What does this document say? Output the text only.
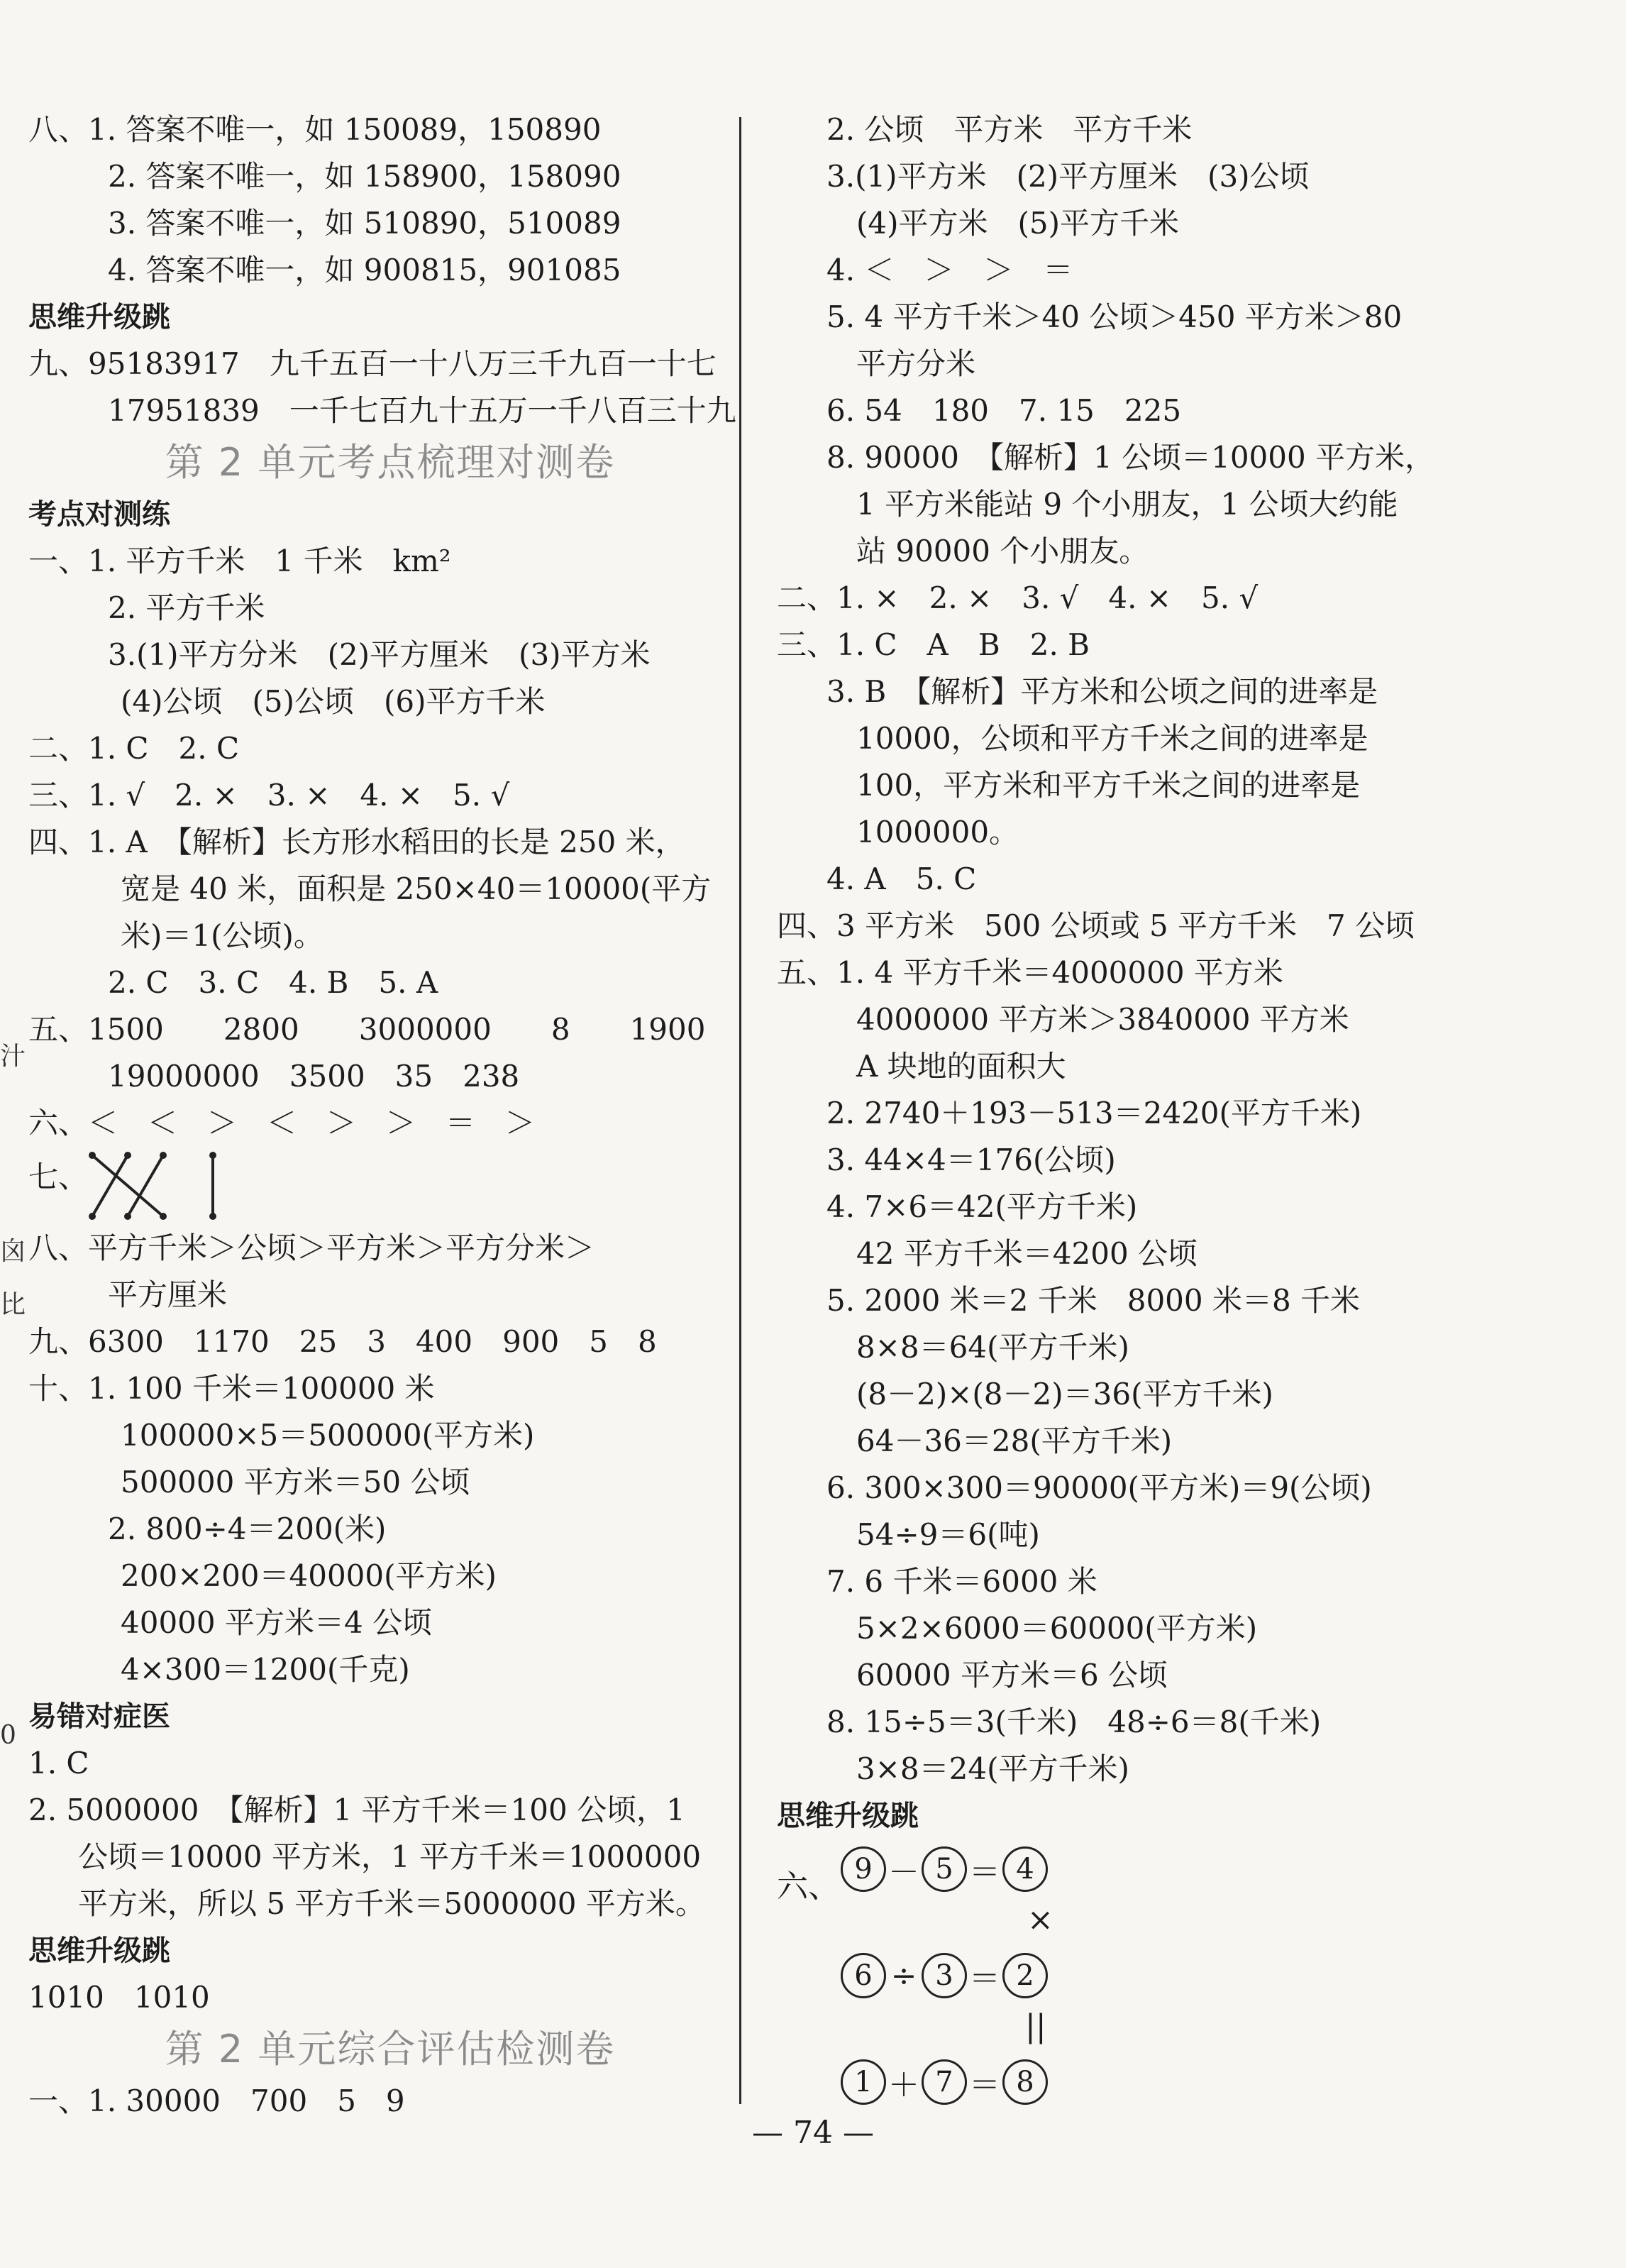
八、1. 答案不唯一，如 150089，150890
2. 答案不唯一，如 158900，158090
3. 答案不唯一，如 510890，510089
4. 答案不唯一，如 900815，901085
思维升级跳
九、95183917　九千五百一十八万三千九百一十七
17951839　一千七百九十五万一千八百三十九
第 2 单元考点梳理对测卷
考点对测练
一、1. 平方千米　1 千米　km²
2. 平方千米
3.(1)平方分米　(2)平方厘米　(3)平方米
(4)公顷　(5)公顷　(6)平方千米
二、1. C　2. C
三、1. √　2. ×　3. ×　4. ×　5. √
四、1. A　【解析】长方形水稻田的长是 250 米，
宽是 40 米，面积是 250×40＝10000(平方
米)＝1(公顷)。
2. C　3. C　4. B　5. A
五、1500　　2800　　3000000　　8　　1900
19000000　3500　35　238
六、＜　＜　＞　＜　＞　＞　＝　＞
七、
八、平方千米＞公顷＞平方米＞平方分米＞
平方厘米
九、6300　1170　25　3　400　900　5　8
十、1. 100 千米＝100000 米
100000×5＝500000(平方米)
500000 平方米＝50 公顷
2. 800÷4＝200(米)
200×200＝40000(平方米)
40000 平方米＝4 公顷
4×300＝1200(千克)
易错对症医
1. C
2. 5000000　【解析】1 平方千米＝100 公顷，1
公顷＝10000 平方米，1 平方千米＝1000000
平方米，所以 5 平方千米＝5000000 平方米。
思维升级跳
1010　1010
第 2 单元综合评估检测卷
一、1. 30000　700　5　9
2. 公顷　平方米　平方千米
3.(1)平方米　(2)平方厘米　(3)公顷
(4)平方米　(5)平方千米
4. ＜　＞　＞　＝
5. 4 平方千米＞40 公顷＞450 平方米＞80
平方分米
6. 54　180　7. 15　225
8. 90000　【解析】1 公顷＝10000 平方米，
1 平方米能站 9 个小朋友，1 公顷大约能
站 90000 个小朋友。
二、1. ×　2. ×　3. √　4. ×　5. √
三、1. C　A　B　2. B
3. B　【解析】平方米和公顷之间的进率是
10000，公顷和平方千米之间的进率是
100，平方米和平方千米之间的进率是
1000000。
4. A　5. C
四、3 平方米　500 公顷或 5 平方千米　7 公顷
五、1. 4 平方千米＝4000000 平方米
4000000 平方米＞3840000 平方米
A 块地的面积大
2. 2740＋193－513＝2420(平方千米)
3. 44×4＝176(公顷)
4. 7×6＝42(平方千米)
42 平方千米＝4200 公顷
5. 2000 米＝2 千米　8000 米＝8 千米
8×8＝64(平方千米)
(8－2)×(8－2)＝36(平方千米)
64－36＝28(平方千米)
6. 300×300＝90000(平方米)＝9(公顷)
54÷9＝6(吨)
7. 6 千米＝6000 米
5×2×6000＝60000(平方米)
60000 平方米＝6 公顷
8. 15÷5＝3(千米)　48÷6＝8(千米)
3×8＝24(平方千米)
思维升级跳
六、 9 － 5 ＝ 4
6 ÷ 3 ＝ 2
1 ＋ 7 ＝ 8
×
||
汁
囟
比
0
— 74 —
